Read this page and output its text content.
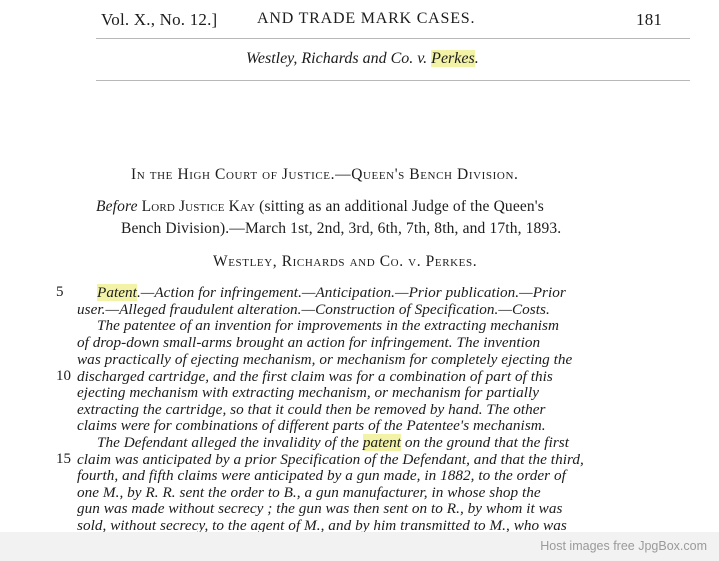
Vol. X., No. 12.] AND TRADE MARK CASES.	181
Westley, Richards and Co. v. Perkes.
In the High Court of Justice.—Queen's Bench Division.
Before Lord Justice Kay (sitting as an additional Judge of the Queen's
Bench Division).—March 1st, 2nd, 3rd, 6th, 7th, 8th, and 17th, 1893.
Westley, Richards and Co. v. Perkes.
5
10
15
Patent.—Action for infringement.—Anticipation.—Prior publication.—Prior
user.—Alleged fraudulent alteration.—Construction of Specification.—Costs.
The patentee of an invention for improvements in the extracting mechanism
of drop-down small-arms brought an action for infringement. The invention
was practically of ejecting mechanism, or mechanism for completely ejecting the
discharged cartridge, and the first claim was for a combination of part of this
ejecting mechanism with extracting mechanism, or mechanism for partially
extracting the cartridge, so that it could then be removed by hand. The other
claims were for combinations of different parts of the Patentee's mechanism.
The Defendant alleged the invalidity of the patent on the ground that the first
claim was anticipated by a prior Specification of the Defendant, and that the third,
fourth, and fifth claims were anticipated by a gun made, in 1882, to the order of
one M., by R. R. sent the order to B., a gun manufacturer, in whose shop the
gun was made without secrecy ; the gun was then sent on to R., by whom it was
sold, without secrecy, to the agent of M., and by him transmitted to M., who was
Host images free JpgBox.com
